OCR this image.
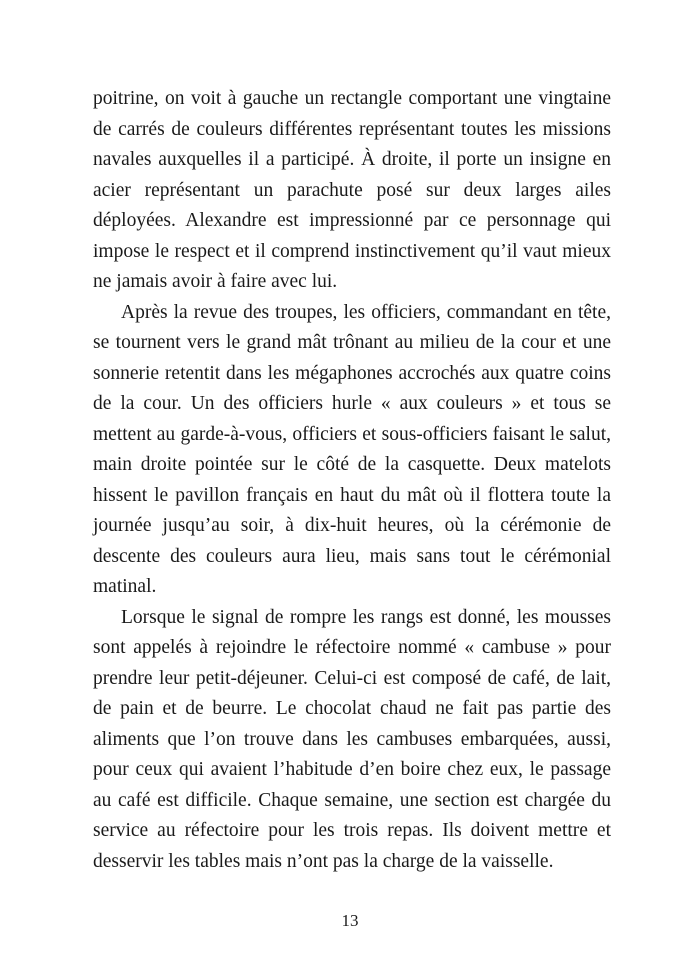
poitrine, on voit à gauche un rectangle comportant une vingtaine de carrés de couleurs différentes représentant toutes les missions navales auxquelles il a participé. À droite, il porte un insigne en acier représentant un parachute posé sur deux larges ailes déployées. Alexandre est impressionné par ce personnage qui impose le respect et il comprend instinctivement qu’il vaut mieux ne jamais avoir à faire avec lui.

Après la revue des troupes, les officiers, commandant en tête, se tournent vers le grand mât trônant au milieu de la cour et une sonnerie retentit dans les mégaphones accrochés aux quatre coins de la cour. Un des officiers hurle « aux couleurs » et tous se mettent au garde-à-vous, officiers et sous-officiers faisant le salut, main droite pointée sur le côté de la casquette. Deux matelots hissent le pavillon français en haut du mât où il flottera toute la journée jusqu’au soir, à dix-huit heures, où la cérémonie de descente des couleurs aura lieu, mais sans tout le cérémonial matinal.

Lorsque le signal de rompre les rangs est donné, les mousses sont appelés à rejoindre le réfectoire nommé « cambuse » pour prendre leur petit-déjeuner. Celui-ci est composé de café, de lait, de pain et de beurre. Le chocolat chaud ne fait pas partie des aliments que l’on trouve dans les cambuses embarquées, aussi, pour ceux qui avaient l’habitude d’en boire chez eux, le passage au café est difficile. Chaque semaine, une section est chargée du service au réfectoire pour les trois repas. Ils doivent mettre et desservir les tables mais n’ont pas la charge de la vaisselle.

13
